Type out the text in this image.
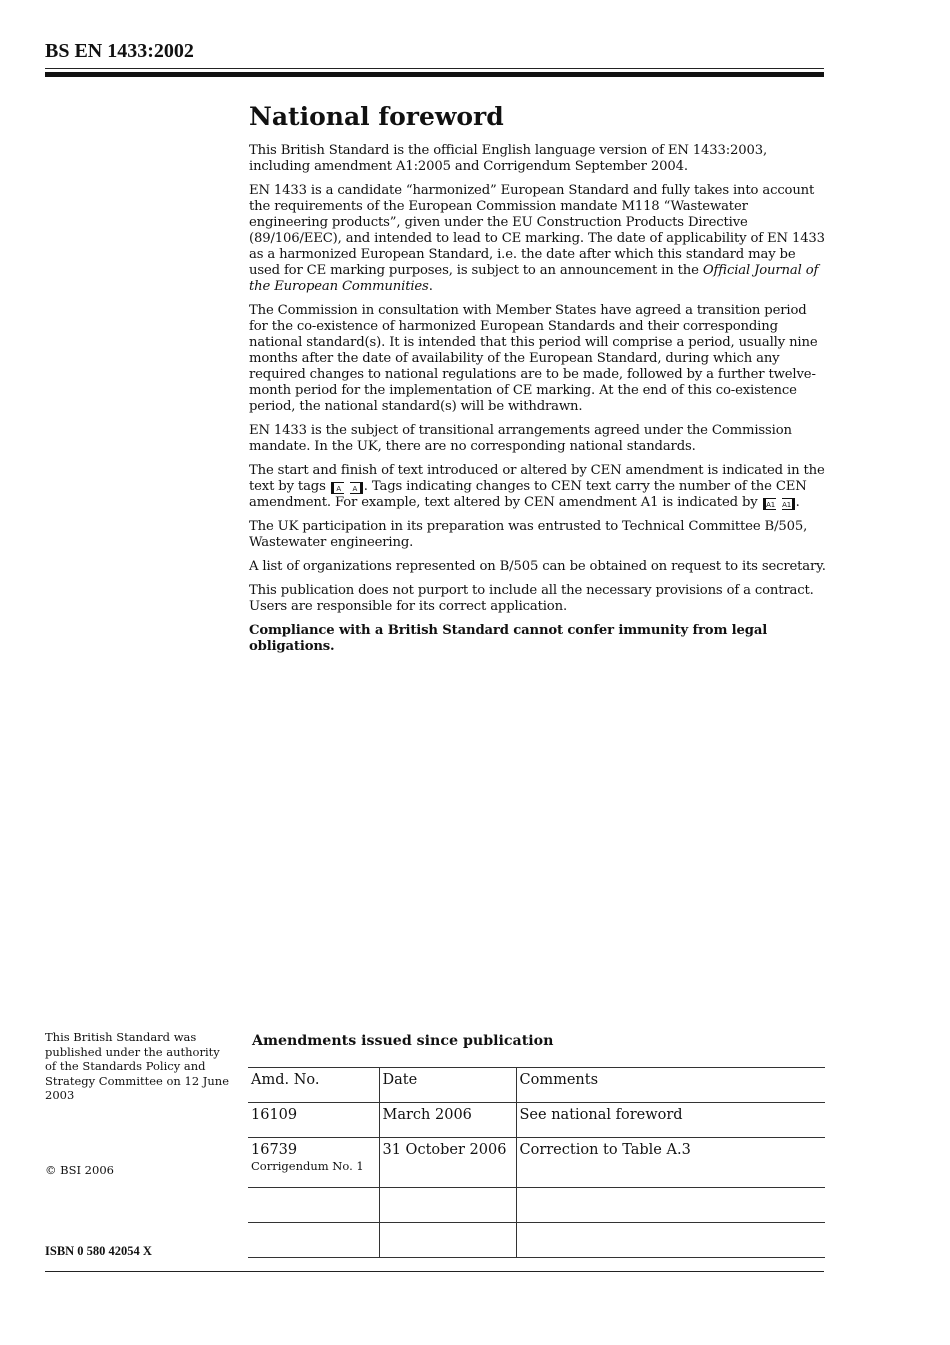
BS EN 1433:2002
National foreword

This British Standard is the official English language version of EN 1433:2003, including amendment A1:2005 and Corrigendum September 2004.

EN 1433 is a candidate “harmonized” European Standard and fully takes into account the requirements of the European Commission mandate M118 “Wastewater engineering products”, given under the EU Construction Products Directive (89/106/EEC), and intended to lead to CE marking. The date of applicability of EN 1433 as a harmonized European Standard, i.e. the date after which this standard may be used for CE marking purposes, is subject to an announcement in the Official Journal of the European Communities.

The Commission in consultation with Member States have agreed a transition period for the co-existence of harmonized European Standards and their corresponding national standard(s). It is intended that this period will comprise a period, usually nine months after the date of availability of the European Standard, during which any required changes to national regulations are to be made, followed by a further twelve-month period for the implementation of CE marking. At the end of this co-existence period, the national standard(s) will be withdrawn.

EN 1433 is the subject of transitional arrangements agreed under the Commission mandate. In the UK, there are no corresponding national standards.

The start and finish of text introduced or altered by CEN amendment is indicated in the text by tags A A . Tags indicating changes to CEN text carry the number of the CEN amendment. For example, text altered by CEN amendment A1 is indicated by A1 A1 .

The UK participation in its preparation was entrusted to Technical Committee B/505, Wastewater engineering.

A list of organizations represented on B/505 can be obtained on request to its secretary.

This publication does not purport to include all the necessary provisions of a contract. Users are responsible for its correct application.

Compliance with a British Standard cannot confer immunity from legal obligations.

This British Standard was published under the authority of the Standards Policy and Strategy Committee on 12 June 2003
© BSI 2006
ISBN 0 580 42054 X
Amendments issued since publication
Amd. No.	Date	Comments
16109	March 2006	See national foreword
16739
Corrigendum No. 1	31 October 2006	Correction to Table A.3
